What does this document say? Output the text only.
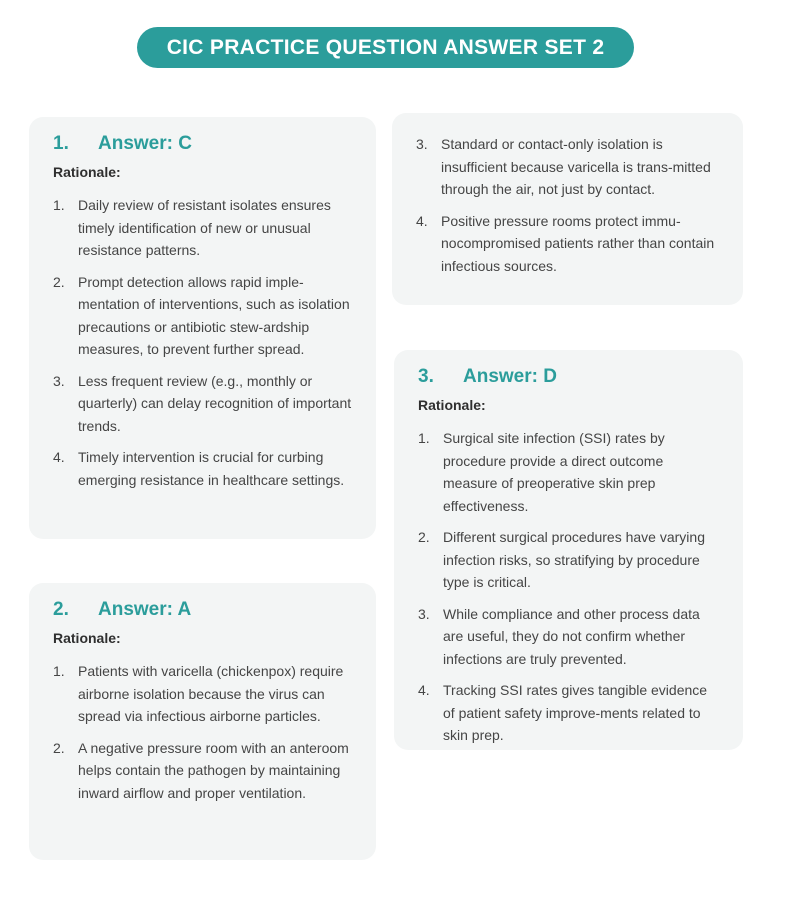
CIC PRACTICE QUESTION ANSWER SET 2
1.	Answer: C
Rationale:
1. Daily review of resistant isolates ensures timely identification of new or unusual resistance patterns.
2. Prompt detection allows rapid imple-mentation of interventions, such as isolation precautions or antibiotic stew-ardship measures, to prevent further spread.
3. Less frequent review (e.g., monthly or quarterly) can delay recognition of important trends.
4. Timely intervention is crucial for curbing emerging resistance in healthcare settings.
3. Standard or contact-only isolation is insufficient because varicella is trans-mitted through the air, not just by contact.
4. Positive pressure rooms protect immu-nocompromised patients rather than contain infectious sources.
3.	Answer: D
Rationale:
1. Surgical site infection (SSI) rates by procedure provide a direct outcome measure of preoperative skin prep effectiveness.
2. Different surgical procedures have varying infection risks, so stratifying by procedure type is critical.
3. While compliance and other process data are useful, they do not confirm whether infections are truly prevented.
4. Tracking SSI rates gives tangible evidence of patient safety improve-ments related to skin prep.
2.	Answer: A
Rationale:
1. Patients with varicella (chickenpox) require airborne isolation because the virus can spread via infectious airborne particles.
2. A negative pressure room with an anteroom helps contain the pathogen by maintaining inward airflow and proper ventilation.
